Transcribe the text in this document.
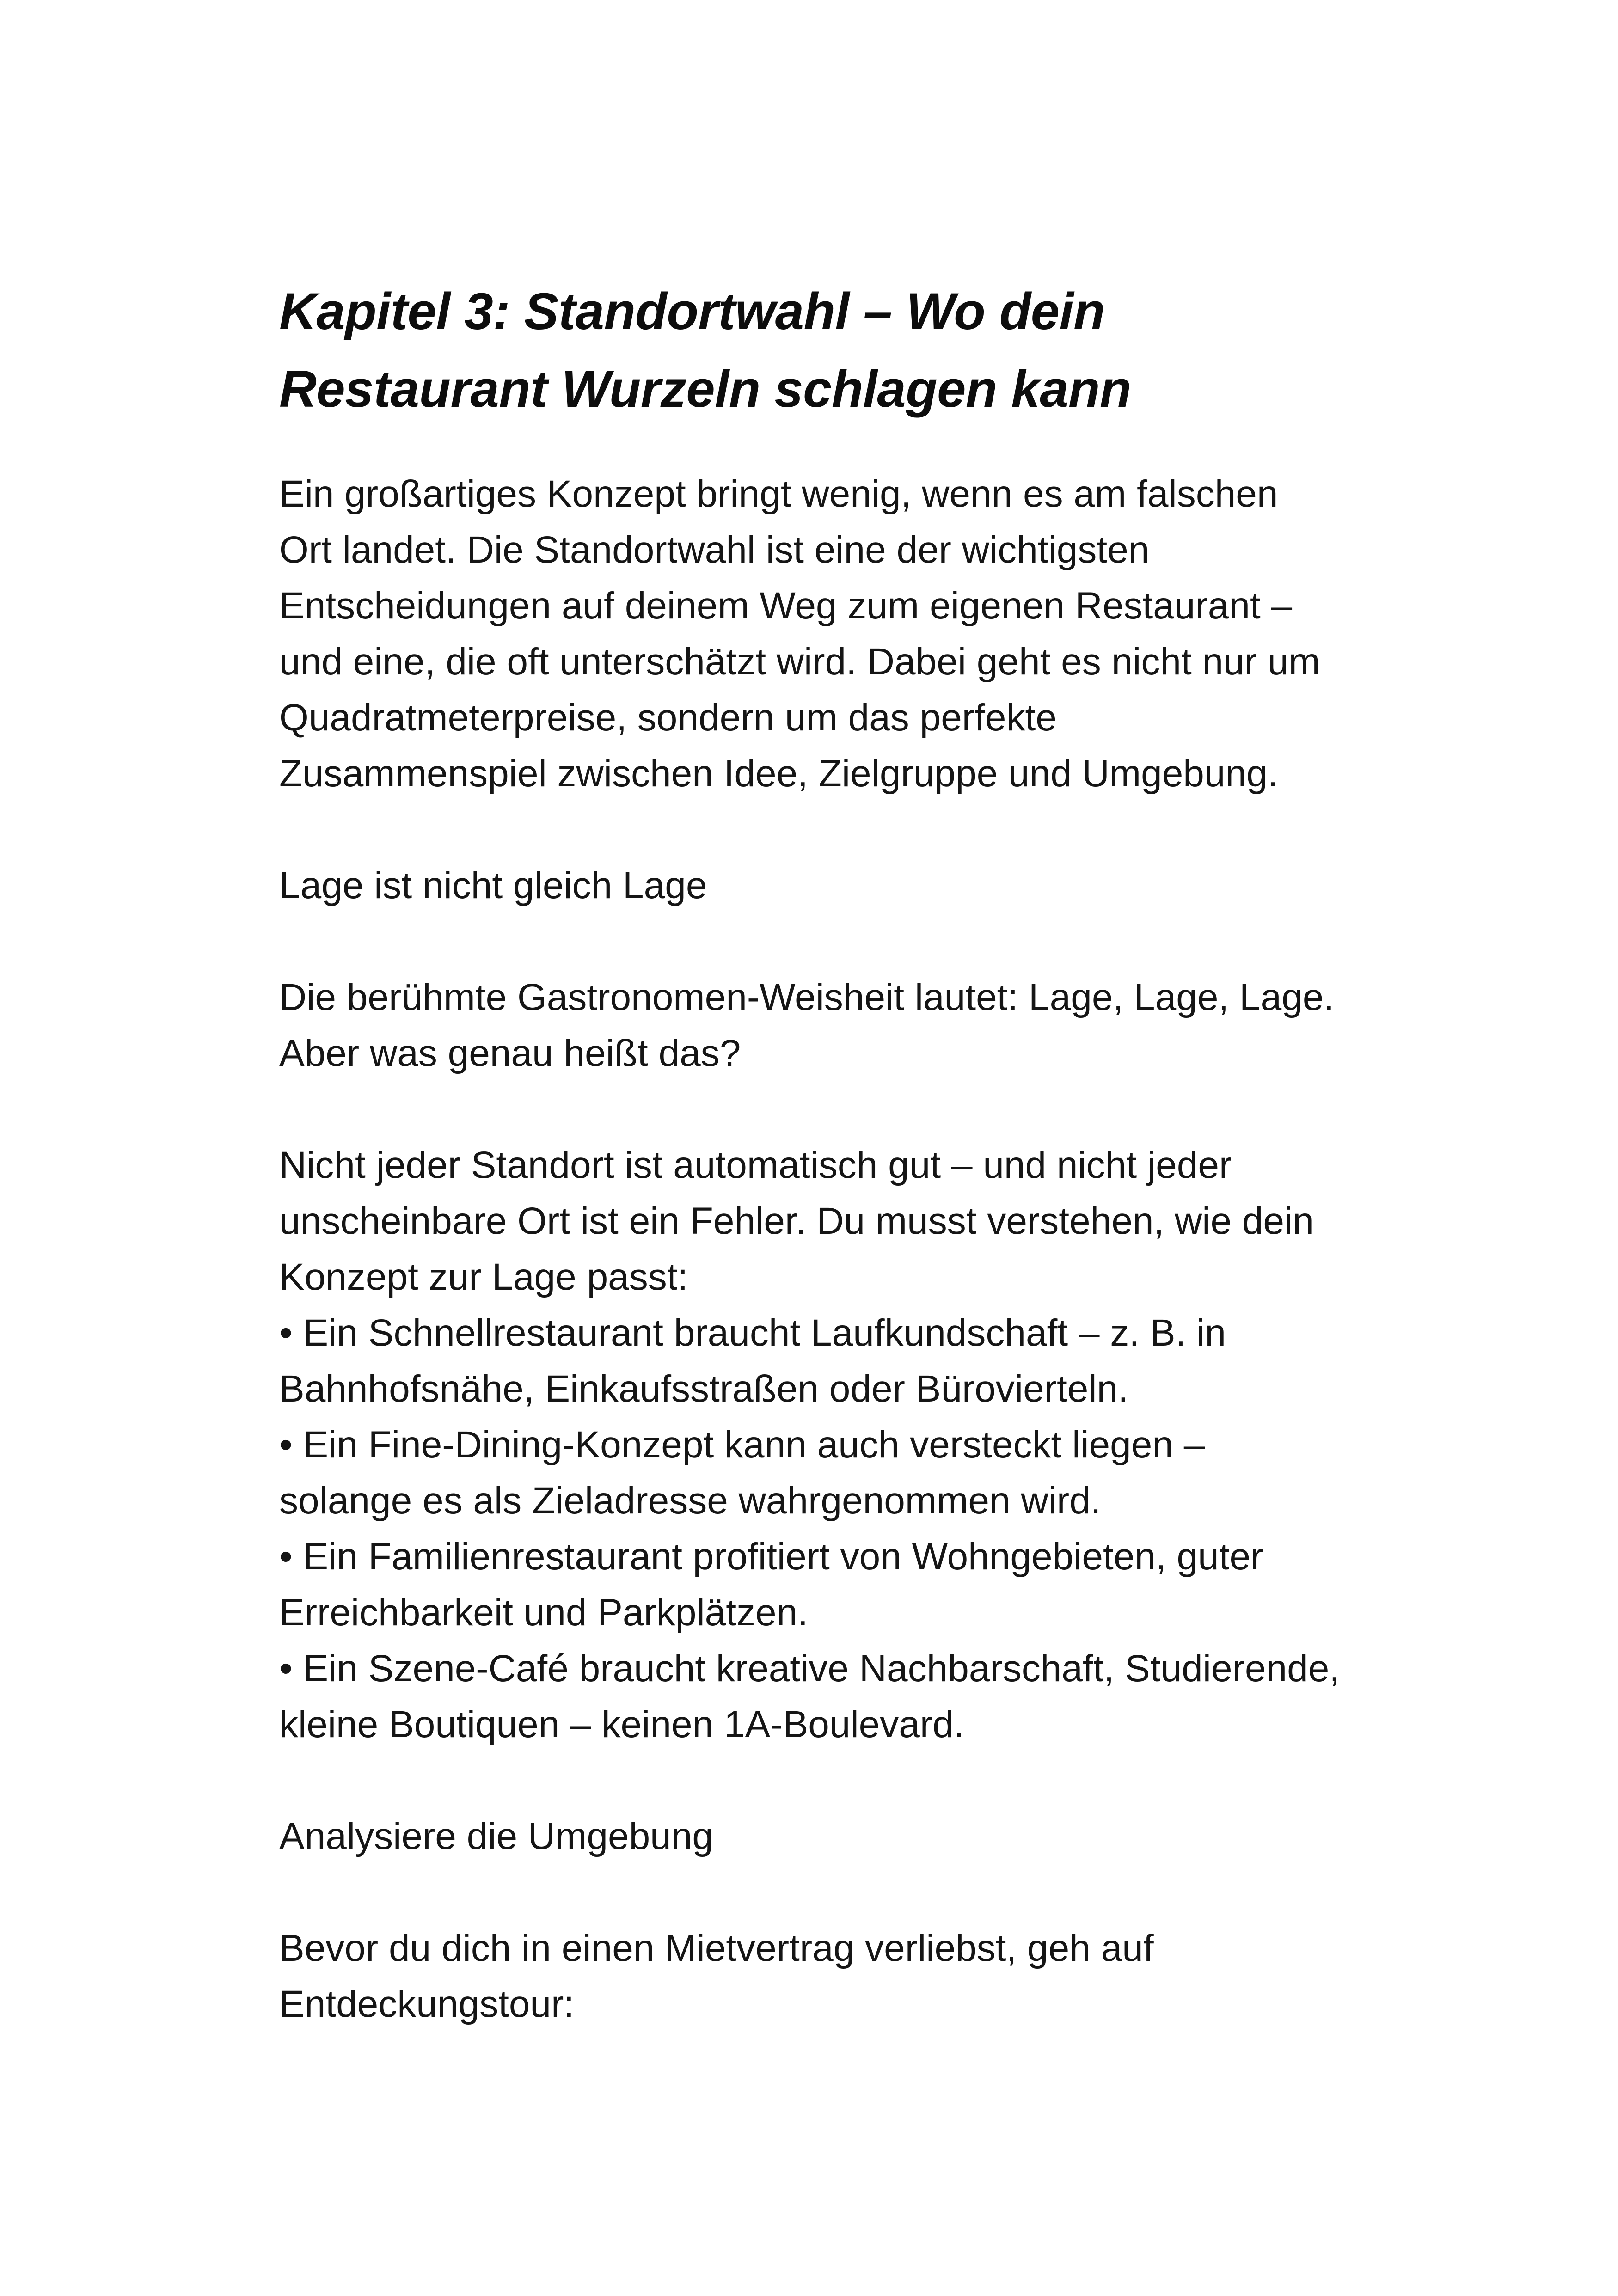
Kapitel 3: Standortwahl – Wo dein
Restaurant Wurzeln schlagen kann

Ein großartiges Konzept bringt wenig, wenn es am falschen
Ort landet. Die Standortwahl ist eine der wichtigsten
Entscheidungen auf deinem Weg zum eigenen Restaurant –
und eine, die oft unterschätzt wird. Dabei geht es nicht nur um
Quadratmeterpreise, sondern um das perfekte
Zusammenspiel zwischen Idee, Zielgruppe und Umgebung.

Lage ist nicht gleich Lage

Die berühmte Gastronomen-Weisheit lautet: Lage, Lage, Lage.
Aber was genau heißt das?

Nicht jeder Standort ist automatisch gut – und nicht jeder
unscheinbare Ort ist ein Fehler. Du musst verstehen, wie dein
Konzept zur Lage passt:
• Ein Schnellrestaurant braucht Laufkundschaft – z. B. in
Bahnhofsnähe, Einkaufsstraßen oder Bürovierteln.
• Ein Fine-Dining-Konzept kann auch versteckt liegen –
solange es als Zieladresse wahrgenommen wird.
• Ein Familienrestaurant profitiert von Wohngebieten, guter
Erreichbarkeit und Parkplätzen.
• Ein Szene-Café braucht kreative Nachbarschaft, Studierende,
kleine Boutiquen – keinen 1A-Boulevard.

Analysiere die Umgebung

Bevor du dich in einen Mietvertrag verliebst, geh auf
Entdeckungstour:
